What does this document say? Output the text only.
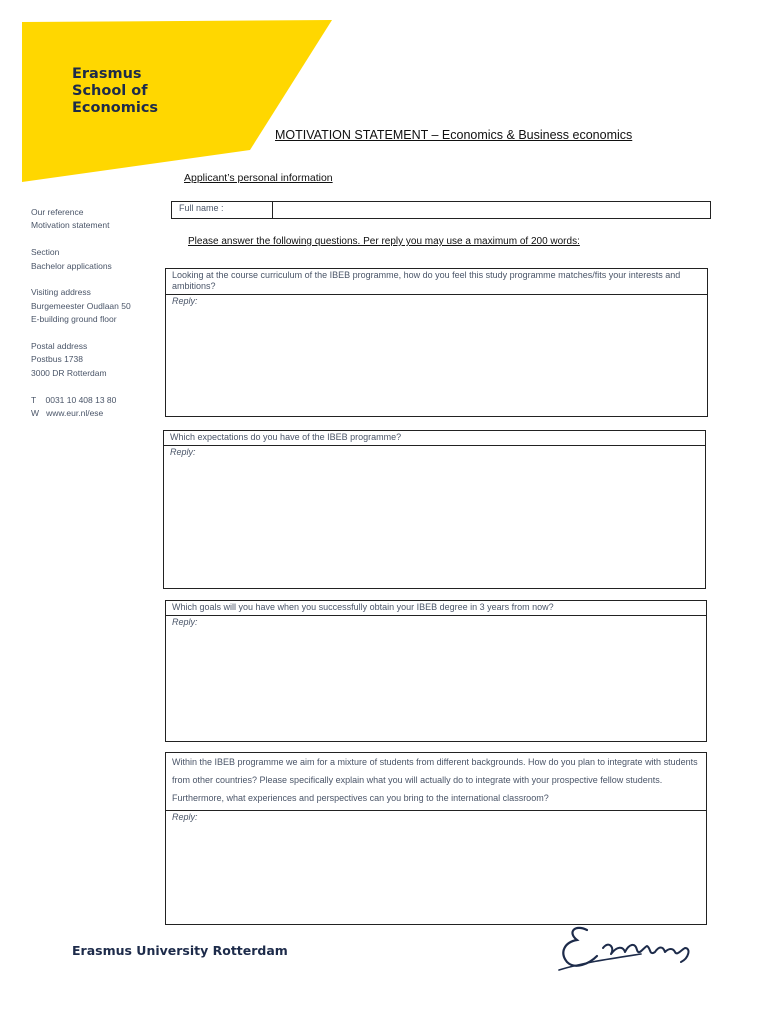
Erasmus
School of
Economics
MOTIVATION STATEMENT – Economics & Business economics
Applicant’s personal information
Our reference
Motivation statement
Section
Bachelor applications
Visiting address
Burgemeester Oudlaan 50
E-building ground floor
Postal address
Postbus 1738
3000 DR Rotterdam
T    0031 10 408 13 80
W   www.eur.nl/ese
Full name :
Please answer the following questions. Per reply you may use a maximum of 200 words:
Looking at the course curriculum of the IBEB programme, how do you feel this study programme matches/fits your interests and ambitions?
Reply:
Which expectations do you have of the IBEB programme?
Reply:
Which goals will you have when you successfully obtain your IBEB degree in 3 years from now?
Reply:
Within the IBEB programme we aim for a mixture of students from different backgrounds. How do you plan to integrate with students from other countries? Please specifically explain what you will actually do to integrate with your prospective fellow students. Furthermore, what experiences and perspectives can you bring to the international classroom?
Reply:
Erasmus University Rotterdam
